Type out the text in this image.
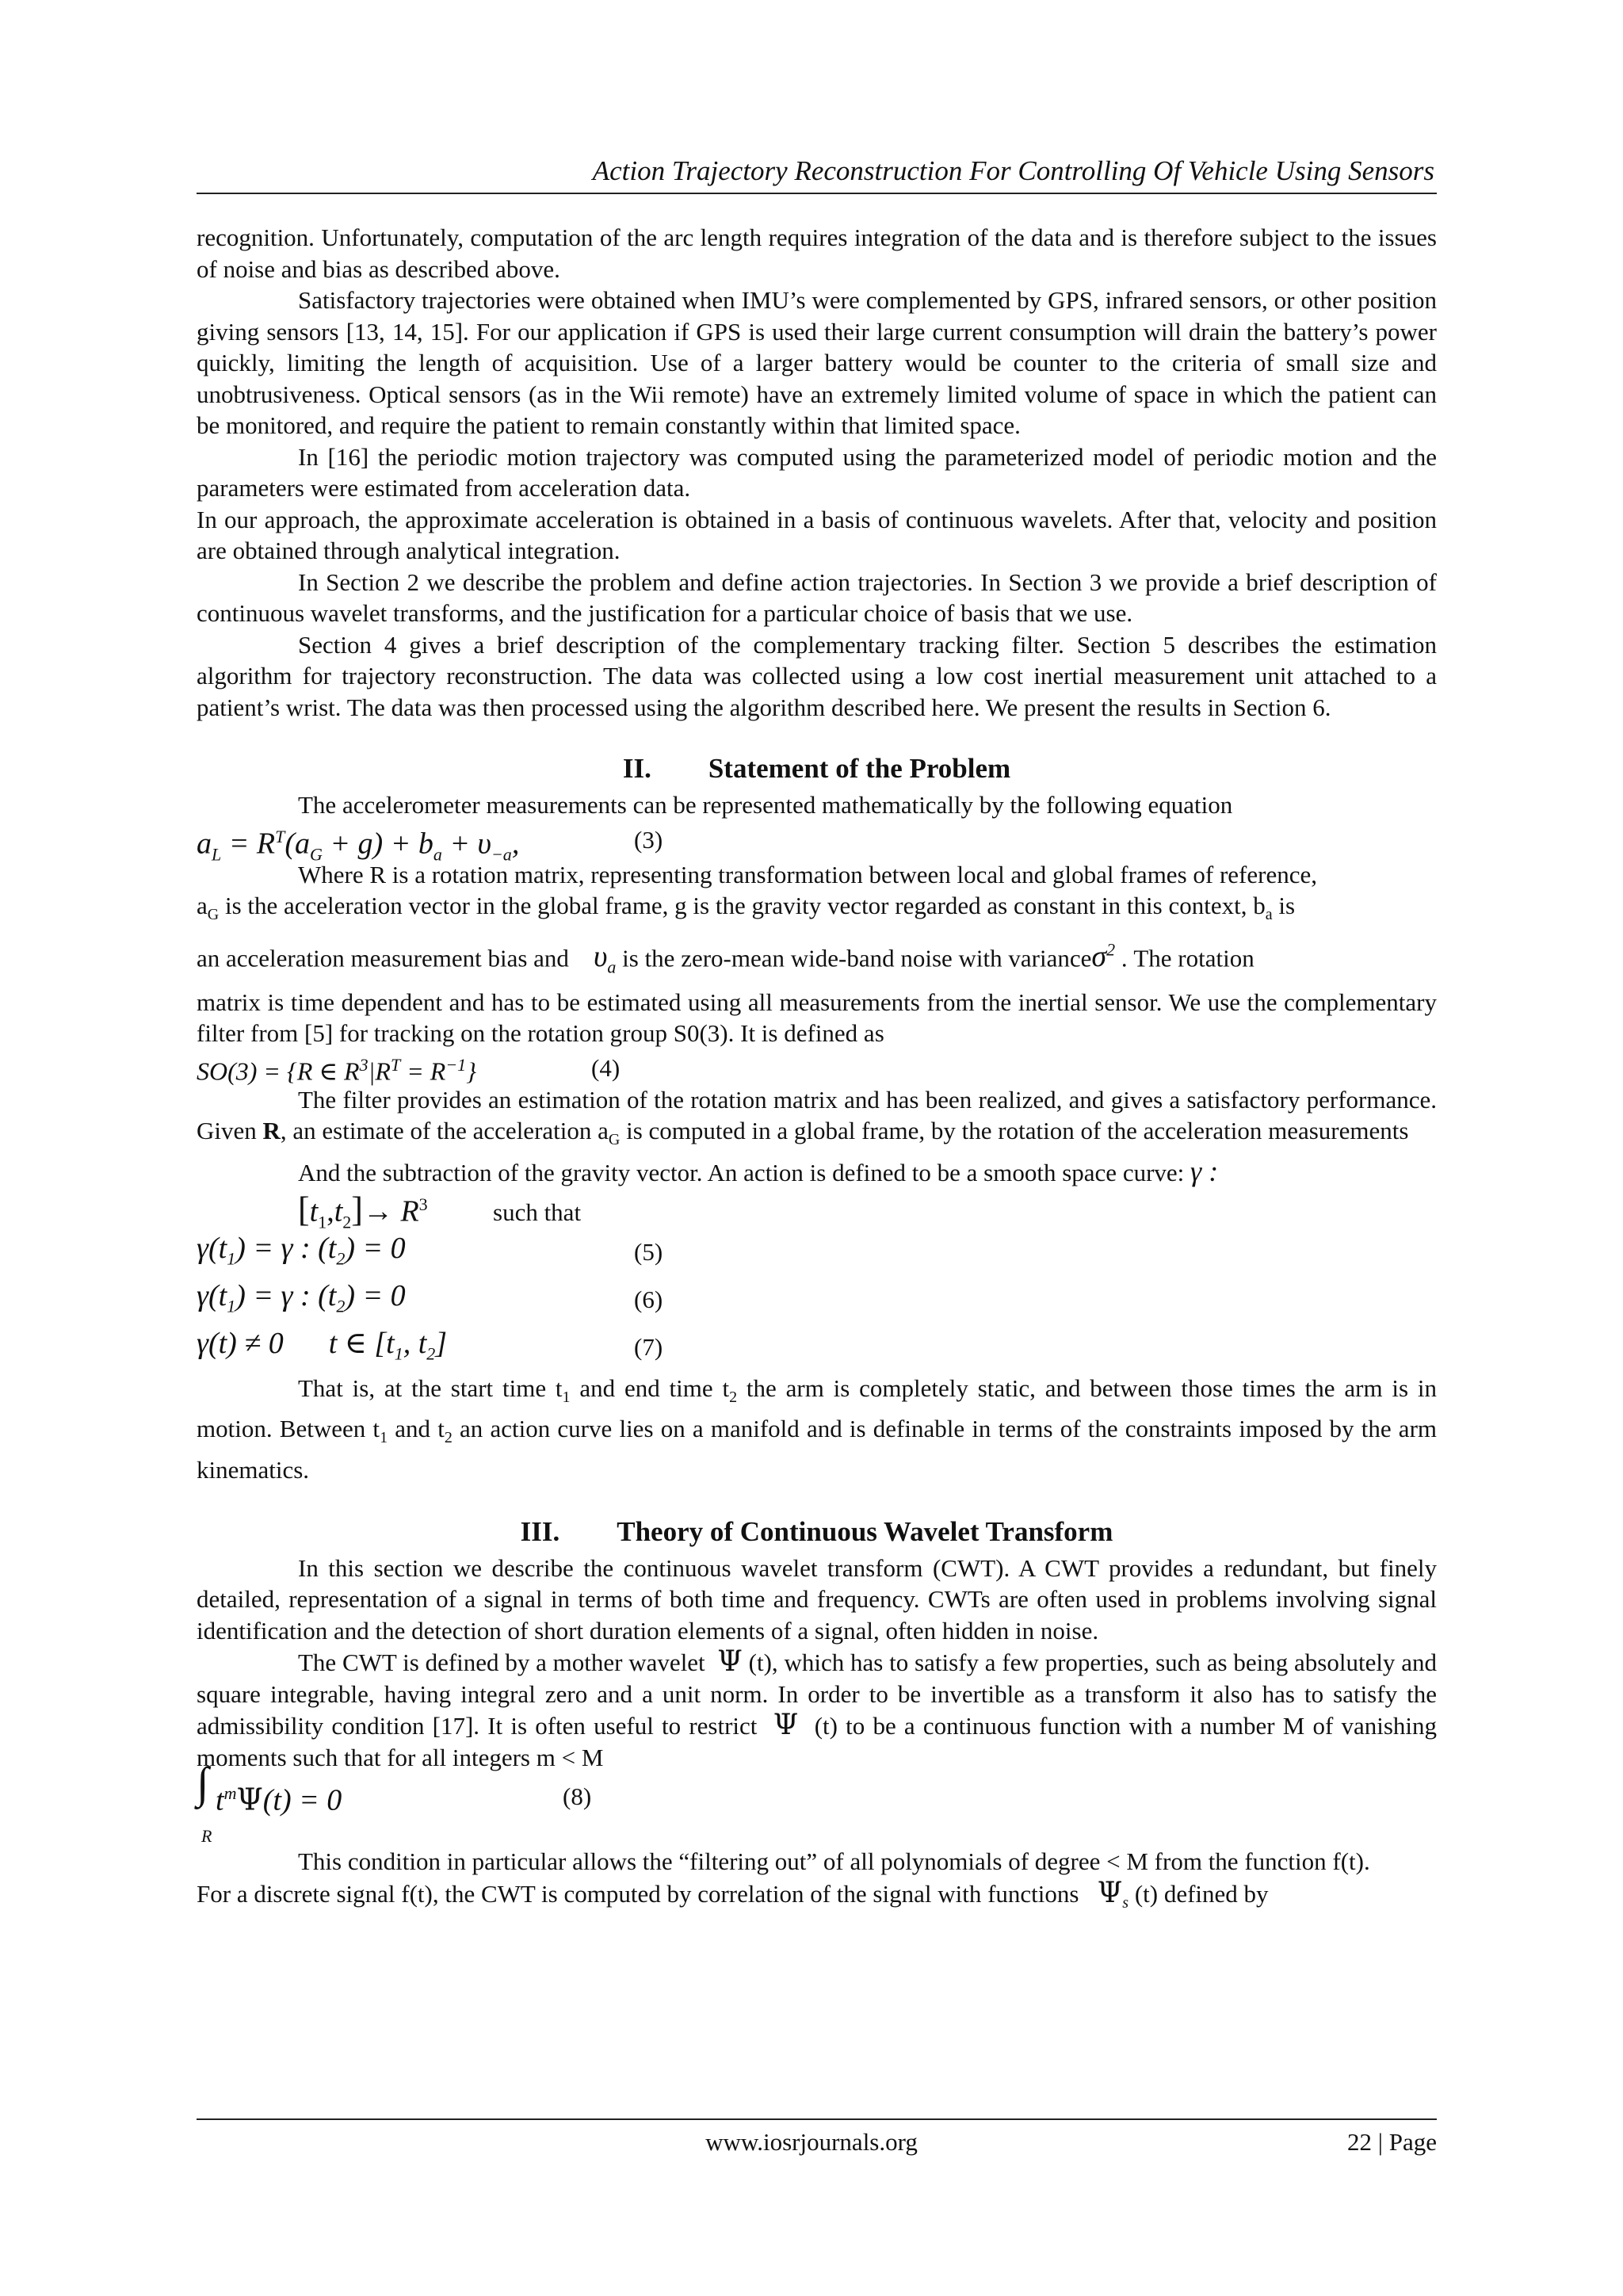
Action Trajectory Reconstruction For Controlling Of Vehicle Using Sensors

recognition. Unfortunately, computation of the arc length requires integration of the data and is therefore subject to the issues of noise and bias as described above.

Satisfactory trajectories were obtained when IMU’s were complemented by GPS, infrared sensors, or other position giving sensors [13, 14, 15]. For our application if GPS is used their large current consumption will drain the battery’s power quickly, limiting the length of acquisition. Use of a larger battery would be counter to the criteria of small size and unobtrusiveness. Optical sensors (as in the Wii remote) have an extremely limited volume of space in which the patient can be monitored, and require the patient to remain constantly within that limited space.

In [16] the periodic motion trajectory was computed using the parameterized model of periodic motion and the parameters were estimated from acceleration data.

In our approach, the approximate acceleration is obtained in a basis of continuous wavelets. After that, velocity and position are obtained through analytical integration.

In Section 2 we describe the problem and define action trajectories. In Section 3 we provide a brief description of continuous wavelet transforms, and the justification for a particular choice of basis that we use.

Section 4 gives a brief description of the complementary tracking filter. Section 5 describes the estimation algorithm for trajectory reconstruction. The data was collected using a low cost inertial measurement unit attached to a patient’s wrist. The data was then processed using the algorithm described here. We present the results in Section 6.

II. Statement of the Problem

The accelerometer measurements can be represented mathematically by the following equation

$a_L = R^T(a_G + g) + b_a + \upsilon_{-a}$,	(3)

Where R is a rotation matrix, representing transformation between local and global frames of reference,

$a_G$ is the acceleration vector in the global frame, g is the gravity vector regarded as constant in this context, $b_a$ is

an acceleration measurement bias and $\upsilon_a$ is the zero-mean wide-band noise with varianceσ$^2$ . The rotation

matrix is time dependent and has to be estimated using all measurements from the inertial sensor. We use the complementary filter from [5] for tracking on the rotation group S0(3). It is defined as

SO(3) = {R ∈ $R^3|R^T = R^{-1}$}	(4)

The filter provides an estimation of the rotation matrix and has been realized, and gives a satisfactory performance. Given R, an estimate of the acceleration $a_G$ is computed in a global frame, by the rotation of the acceleration measurements

And the subtraction of the gravity vector. An action is defined to be a smooth space curve: γ :

$[t_1,t_2]\to R^3$	such that
$\gamma(t_1) = \gamma$ : $(t_2) = 0$	(5)
$\gamma(t_1) = \gamma$ : $(t_2) = 0$	(6)
γ(t) ≠ 0      t ∈ [$t_1$, $t_2$]	(7)

That is, at the start time $t_1$ and end time $t_2$ the arm is completely static, and between those times the arm is in motion. Between $t_1$ and $t_2$ an action curve lies on a manifold and is definable in terms of the constraints imposed by the arm kinematics.

III. Theory of Continuous Wavelet Transform

In this section we describe the continuous wavelet transform (CWT). A CWT provides a redundant, but finely detailed, representation of a signal in terms of both time and frequency. CWTs are often used in problems involving signal identification and the detection of short duration elements of a signal, often hidden in noise.

The CWT is defined by a mother wavelet Ψ (t), which has to satisfy a few properties, such as being absolutely and square integrable, having integral zero and a unit norm. In order to be invertible as a transform it also has to satisfy the admissibility condition [17]. It is often useful to restrict Ψ (t) to be a continuous function with a number M of vanishing moments such that for all integers m < M

∫ $t^m\Psi(t) = 0$
R
(8)

This condition in particular allows the “filtering out” of all polynomials of degree < M from the function f(t).

For a discrete signal f(t), the CWT is computed by correlation of the signal with functions $\Psi_s$ (t) defined by

www.iosrjournals.org	22 | Page
